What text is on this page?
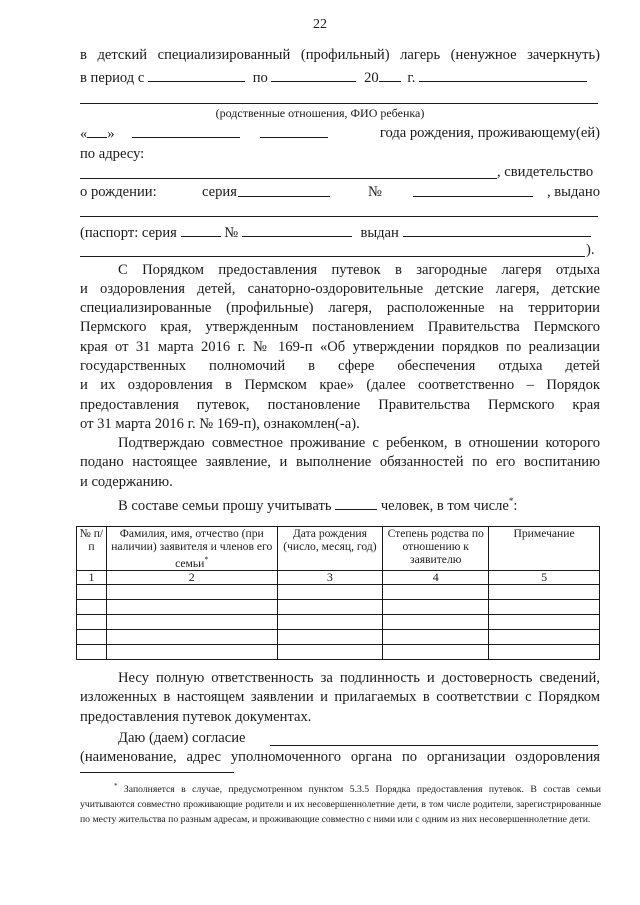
22
в детский специализированный (профильный) лагерь (ненужное зачеркнуть)
в период с	по	20 г.
(родственные отношения, ФИО ребенка)
« »	года рождения, проживающему(ей)
по адресу:
, свидетельство
о рождении:	серия	№	, выдано
(паспорт: серия	№	выдан
).
С Порядком предоставления путевок в загородные лагеря отдыха
и оздоровления детей, санаторно-оздоровительные детские лагеря, детские
специализированные (профильные) лагеря, расположенные на территории
Пермского края, утвержденным постановлением Правительства Пермского
края от 31 марта 2016 г. № 169-п «Об утверждении порядков по реализации
государственных полномочий в сфере обеспечения отдыха детей
и их оздоровления в Пермском крае» (далее соответственно – Порядок
предоставления путевок, постановление Правительства Пермского края
от 31 марта 2016 г. № 169-п), ознакомлен(-а).
Подтверждаю совместное проживание с ребенком, в отношении которого
подано настоящее заявление, и выполнение обязанностей по его воспитанию
и содержанию.
В составе семьи прошу учитывать	человек, в том числе*:
№ п/п	Фамилия, имя, отчество (при наличии) заявителя и членов его семьи*	Дата рождения (число, месяц, год)	Степень родства по отношению к заявителю	Примечание
1	2	3	4	5

Несу полную ответственность за подлинность и достоверность сведений,
изложенных в настоящем заявлении и прилагаемых в соответствии с Порядком
предоставления путевок документах.
Даю (даем) согласие
(наименование, адрес уполномоченного органа по организации оздоровления
* Заполняется в случае, предусмотренном пунктом 5.3.5 Порядка предоставления путевок. В состав семьи учитываются совместно проживающие родители и их несовершеннолетние дети, в том числе родители, зарегистрированные по месту жительства по разным адресам, и проживающие совместно с ними или с одним из них несовершеннолетние дети.
